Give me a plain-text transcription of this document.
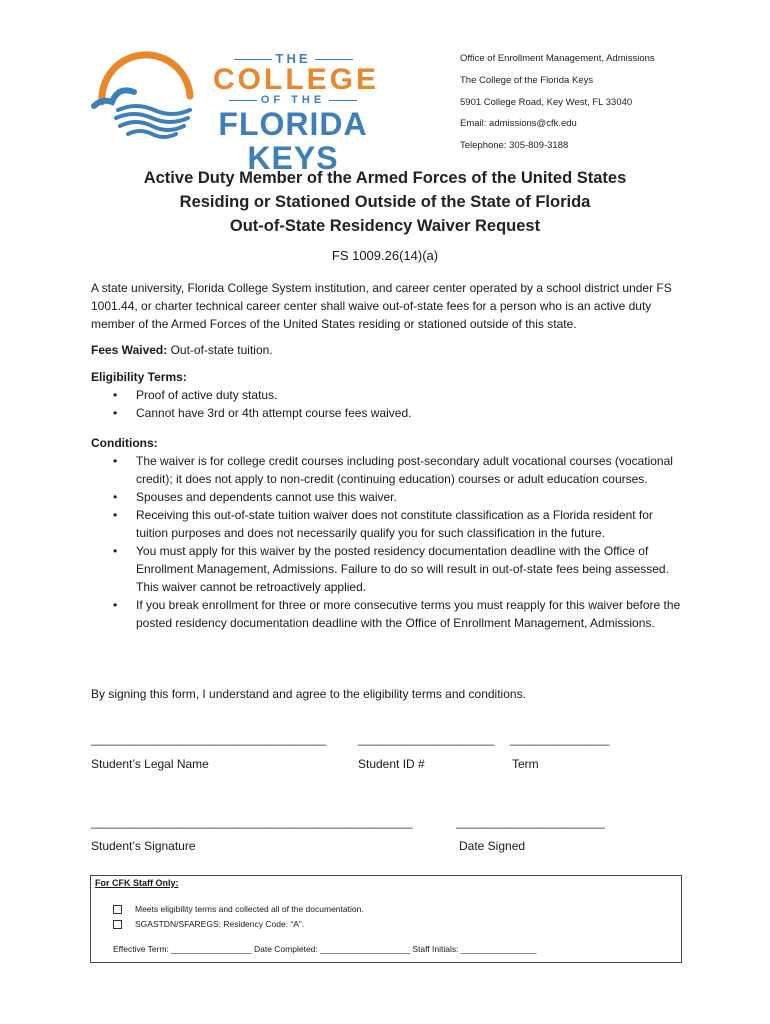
THE
COLLEGE
OF THE
FLORIDA KEYS
Office of Enrollment Management, Admissions
The College of the Florida Keys
5901 College Road, Key West, FL 33040
Email: admissions@cfk.edu
Telephone: 305-809-3188
Active Duty Member of the Armed Forces of the United States
Residing or Stationed Outside of the State of Florida
Out-of-State Residency Waiver Request
FS 1009.26(14)(a)
A state university, Florida College System institution, and career center operated by a school district under FS 1001.44, or charter technical career center shall waive out-of-state fees for a person who is an active duty member of the Armed Forces of the United States residing or stationed outside of this state.
Fees Waived: Out-of-state tuition.
Eligibility Terms:
• Proof of active duty status.
• Cannot have 3rd or 4th attempt course fees waived.
Conditions:
• The waiver is for college credit courses including post-secondary adult vocational courses (vocational credit); it does not apply to non-credit (continuing education) courses or adult education courses.
• Spouses and dependents cannot use this waiver.
• Receiving this out-of-state tuition waiver does not constitute classification as a Florida resident for tuition purposes and does not necessarily qualify you for such classification in the future.
• You must apply for this waiver by the posted residency documentation deadline with the Office of Enrollment Management, Admissions. Failure to do so will result in out-of-state fees being assessed. This waiver cannot be retroactively applied.
• If you break enrollment for three or more consecutive terms you must reapply for this waiver before the posted residency documentation deadline with the Office of Enrollment Management, Admissions.
By signing this form, I understand and agree to the eligibility terms and conditions.
______________________________________	______________________ ________________
Student’s Legal Name	Student ID #	Term
____________________________________________________	________________________
Student’s Signature	Date Signed
For CFK Staff Only:
Meets eligibility terms and collected all of the documentation.
SGASTDN/SFAREGS: Residency Code: “A”.
Effective Term: _________________ Date Completed: ___________________ Staff Initials: ________________
